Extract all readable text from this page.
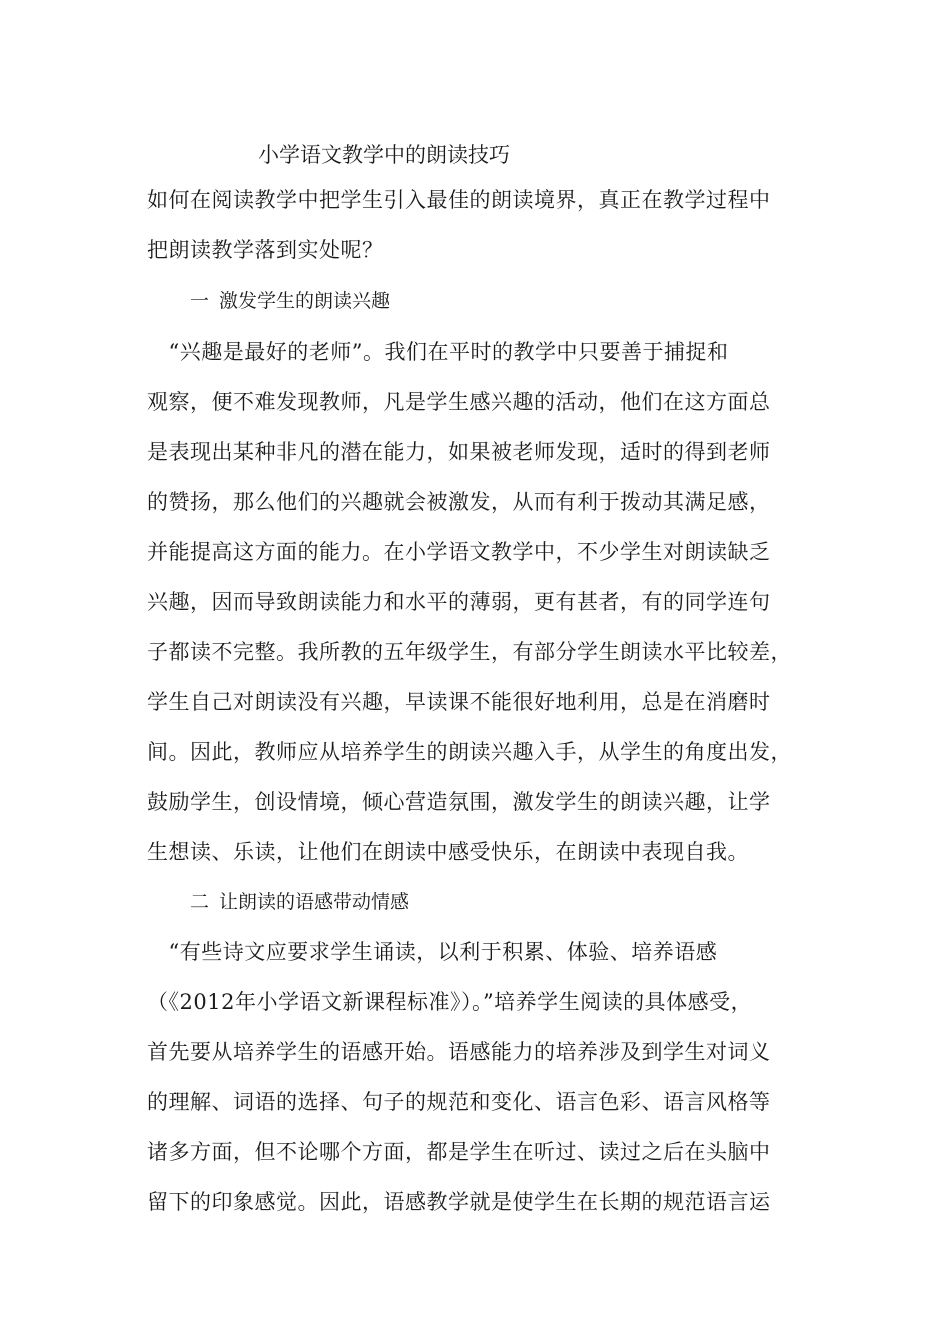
小学语文教学中的朗读技巧
如何在阅读教学中把学生引入最佳的朗读境界，真正在教学过程中
把朗读教学落到实处呢？
一 激发学生的朗读兴趣
　“兴趣是最好的老师”。我们在平时的教学中只要善于捕捉和
观察，便不难发现教师，凡是学生感兴趣的活动，他们在这方面总
是表现出某种非凡的潜在能力，如果被老师发现，适时的得到老师
的赞扬，那么他们的兴趣就会被激发，从而有利于拨动其满足感，
并能提高这方面的能力。在小学语文教学中，不少学生对朗读缺乏
兴趣，因而导致朗读能力和水平的薄弱，更有甚者，有的同学连句
子都读不完整。我所教的五年级学生，有部分学生朗读水平比较差，
学生自己对朗读没有兴趣，早读课不能很好地利用，总是在消磨时
间。因此，教师应从培养学生的朗读兴趣入手，从学生的角度出发，
鼓励学生，创设情境，倾心营造氛围，激发学生的朗读兴趣，让学
生想读、乐读，让他们在朗读中感受快乐，在朗读中表现自我。
二 让朗读的语感带动情感
　“有些诗文应要求学生诵读，以利于积累、体验、培养语感
（《2012年小学语文新课程标准》）。”培养学生阅读的具体感受，
首先要从培养学生的语感开始。语感能力的培养涉及到学生对词义
的理解、词语的选择、句子的规范和变化、语言色彩、语言风格等
诸多方面，但不论哪个方面，都是学生在听过、读过之后在头脑中
留下的印象感觉。因此，语感教学就是使学生在长期的规范语言运
